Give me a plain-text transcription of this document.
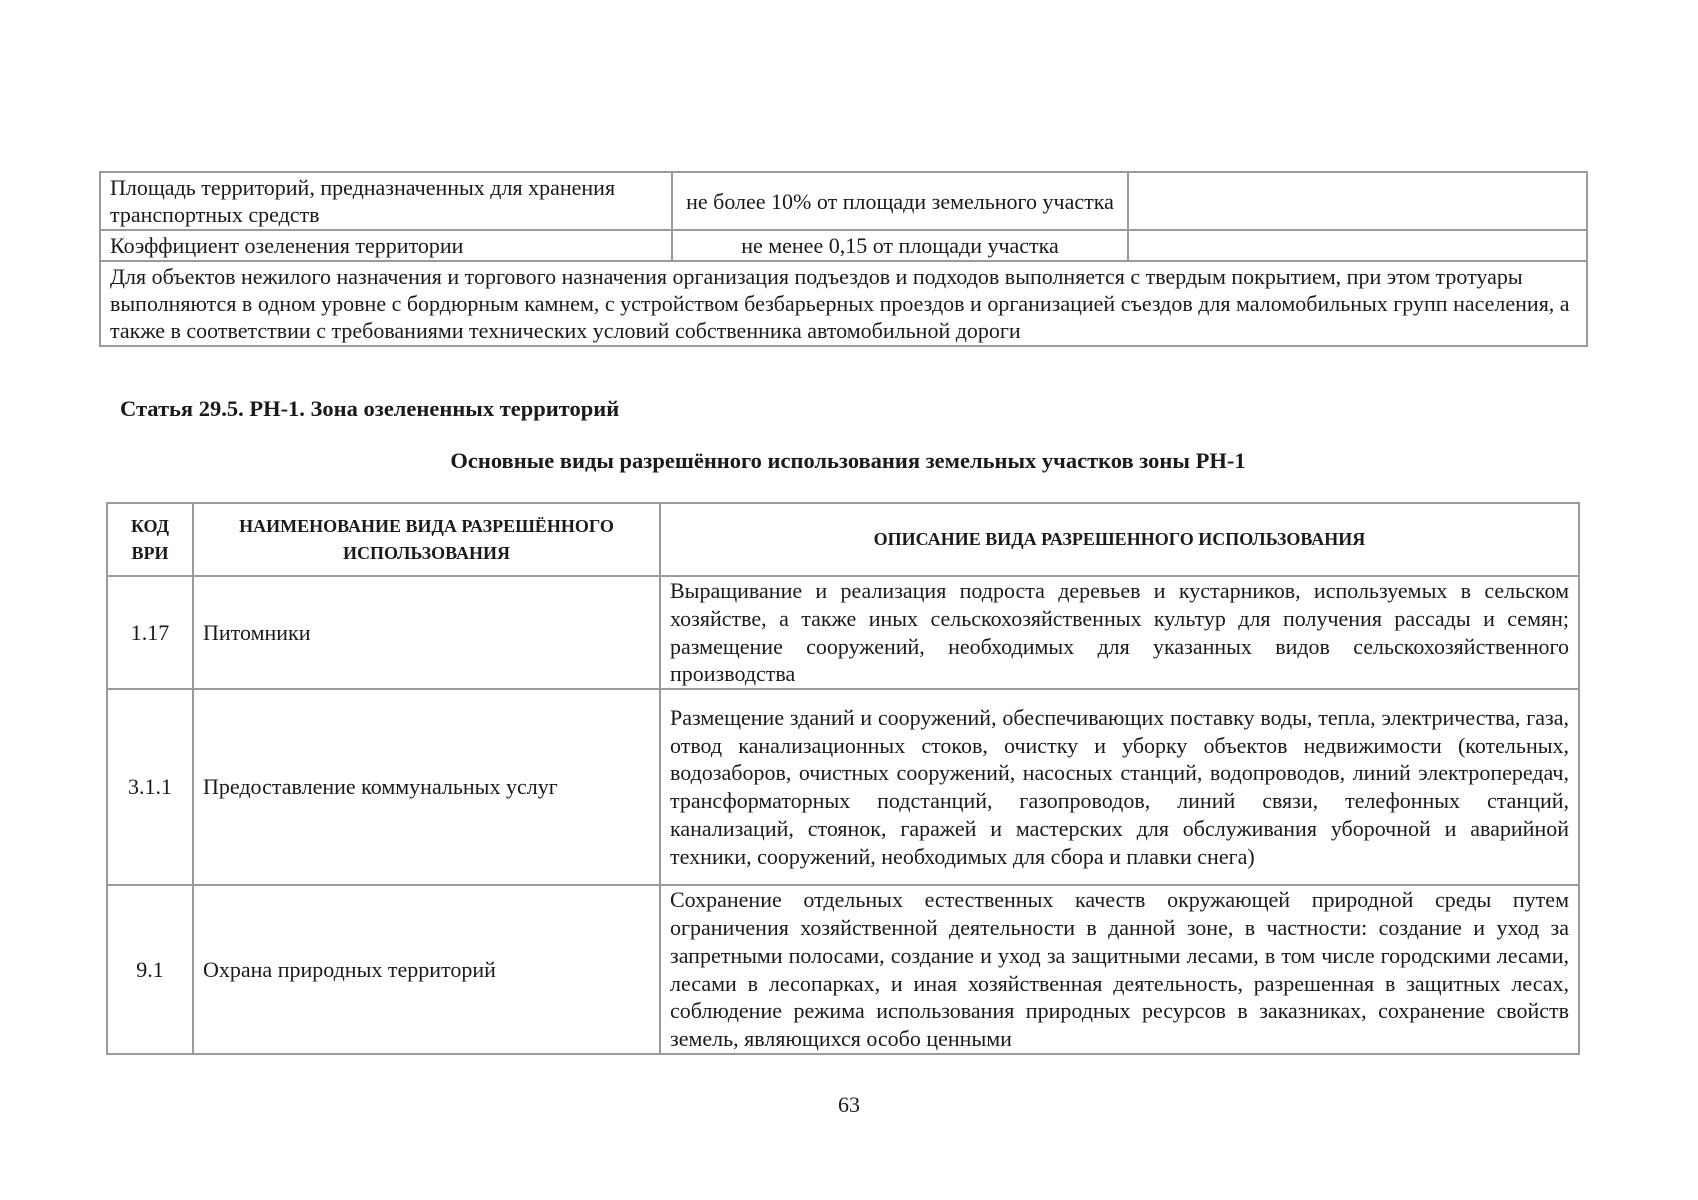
Площадь территорий, предназначенных для хранения транспортных средств	не более 10% от площади земельного участка	
Коэффициент озеленения территории	не менее 0,15 от площади участка	
Для объектов нежилого назначения и торгового назначения организация подъездов и подходов выполняется с твердым покрытием, при этом тротуары выполняются в одном уровне с бордюрным камнем, с устройством безбарьерных проездов и организацией съездов для маломобильных групп населения, а также в соответствии с требованиями технических условий собственника автомобильной дороги		
Статья 29.5. РН-1. Зона озелененных территорий
Основные виды разрешённого использования земельных участков зоны РН-1
КОД ВРИ	НАИМЕНОВАНИЕ ВИДА РАЗРЕШЁННОГО ИСПОЛЬЗОВАНИЯ	ОПИСАНИЕ ВИДА РАЗРЕШЕННОГО ИСПОЛЬЗОВАНИЯ
1.17	Питомники	Выращивание и реализация подроста деревьев и кустарников, используемых в сельском хозяйстве, а также иных сельскохозяйственных культур для получения рассады и семян; размещение сооружений, необходимых для указанных видов сельскохозяйственного производства
3.1.1	Предоставление коммунальных услуг	Размещение зданий и сооружений, обеспечивающих поставку воды, тепла, электричества, газа, отвод канализационных стоков, очистку и уборку объектов недвижимости (котельных, водозаборов, очистных сооружений, насосных станций, водопроводов, линий электропередач, трансформаторных подстанций, газопроводов, линий связи, телефонных станций, канализаций, стоянок, гаражей и мастерских для обслуживания уборочной и аварийной техники, сооружений, необходимых для сбора и плавки снега)
9.1	Охрана природных территорий	Сохранение отдельных естественных качеств окружающей природной среды путем ограничения хозяйственной деятельности в данной зоне, в частности: создание и уход за запретными полосами, создание и уход за защитными лесами, в том числе городскими лесами, лесами в лесопарках, и иная хозяйственная деятельность, разрешенная в защитных лесах, соблюдение режима использования природных ресурсов в заказниках, сохранение свойств земель, являющихся особо ценными
63
